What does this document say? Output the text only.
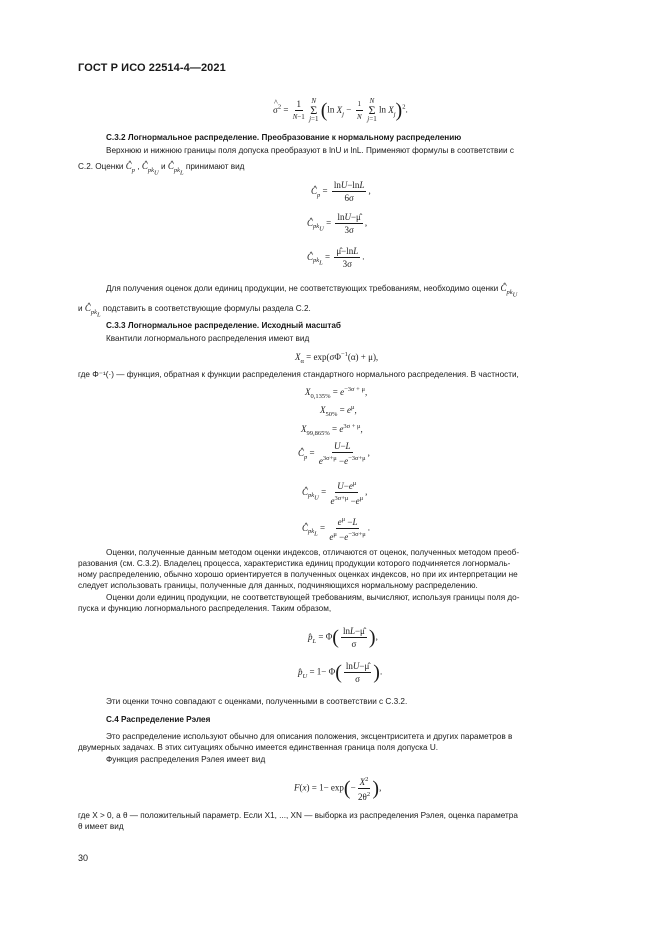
ГОСТ Р ИСО 22514-4—2021
σ
^
$^2 = \frac{1}{N-1}$
N
Σ
j=1 (ln $X_j - \frac{1}{N}$
N
Σ
j=1
$\ln X_j)^2$.
С.3.2 Логнормальное распределение. Преобразование к нормальному распределению
Верхнюю и нижнюю границы поля допуска преобразуют в lnU и lnL. Применяют формулы в соответствии с
С.2. Оценки $Ĉ_p$ , $Ĉ_{pk_U}$ и $Ĉ_{pk_L}$ принимают вид
$Ĉ_p = \frac{\ln U-\ln L}{6\sigma}$ ,
$Ĉ_{pk_U} = \frac{\ln U-\mû}{3\sigma}$ ,
$Ĉ_{pk_L} = \frac{\mû-\ln L}{3\sigma}$ .
Для получения оценок доли единиц продукции, не соответствующих требованиям, необходимо оценки $Ĉ_{pk_U}$
и $Ĉ_{pk_L}$ подставить в соответствующие формулы раздела С.2.
С.3.3 Логнормальное распределение. Исходный масштаб
Квантили логнормального распределения имеют вид
$X_\alpha = \exp(\sigma\Phi^{-1}(\alpha) + \mu)$,
где Φ⁻¹(·) — функция, обратная к функции распределения стандартного нормального распределения. В частности,
$X_{0,135\%} = e^{-3\sigma + \mu}$,
$X_{50\%} = e^\mu$,
$X_{99,865\%} = e^{3\sigma + \mu}$,
$Ĉ_p = \frac{U-L}{e^{3\sigma+\mu} -e^{-3\sigma+\mu}}$ ,
$Ĉ_{pk_U} = \frac{U-e^\mu}{e^{3\sigma+\mu} -e^\mu}$ ,
$Ĉ_{pk_L} = \frac{e^\mu -L}{e^\mu -e^{-3\sigma+\mu}}$ .
Оценки, полученные данным методом оценки индексов, отличаются от оценок, полученных методом преоб-
разования (см. С.3.2). Владелец процесса, характеристика единиц продукции которого подчиняется логнормаль-
ному распределению, обычно хорошо ориентируется в полученных оценках индексов, но при их интерпретации не
следует использовать границы, полученные для данных, подчиняющихся нормальному распределению.
Оценки доли единиц продукции, не соответствующей требованиям, вычисляют, используя границы поля до-
пуска и функцию логнормального распределения. Таким образом,
$p̂_L = \Phi( \frac{\ln L-\mû}{\sigma}$ ),
$p̂_U = 1- \Phi( \frac{\ln U-\mû}{\sigma}$ ).
Эти оценки точно совпадают с оценками, полученными в соответствии с С.3.2.
С.4 Распределение Рэлея
Это распределение используют обычно для описания положения, эксцентриситета и других параметров в
двумерных задачах. В этих ситуациях обычно имеется единственная граница поля допуска U.
Функция распределения Рэлея имеет вид
$F(x) = 1- \exp(- \frac{X^2}{2\theta^2}$ ),
где X > 0, а θ — положительный параметр. Если X1, ..., XN — выборка из распределения Рэлея, оценка параметра
θ имеет вид
30
